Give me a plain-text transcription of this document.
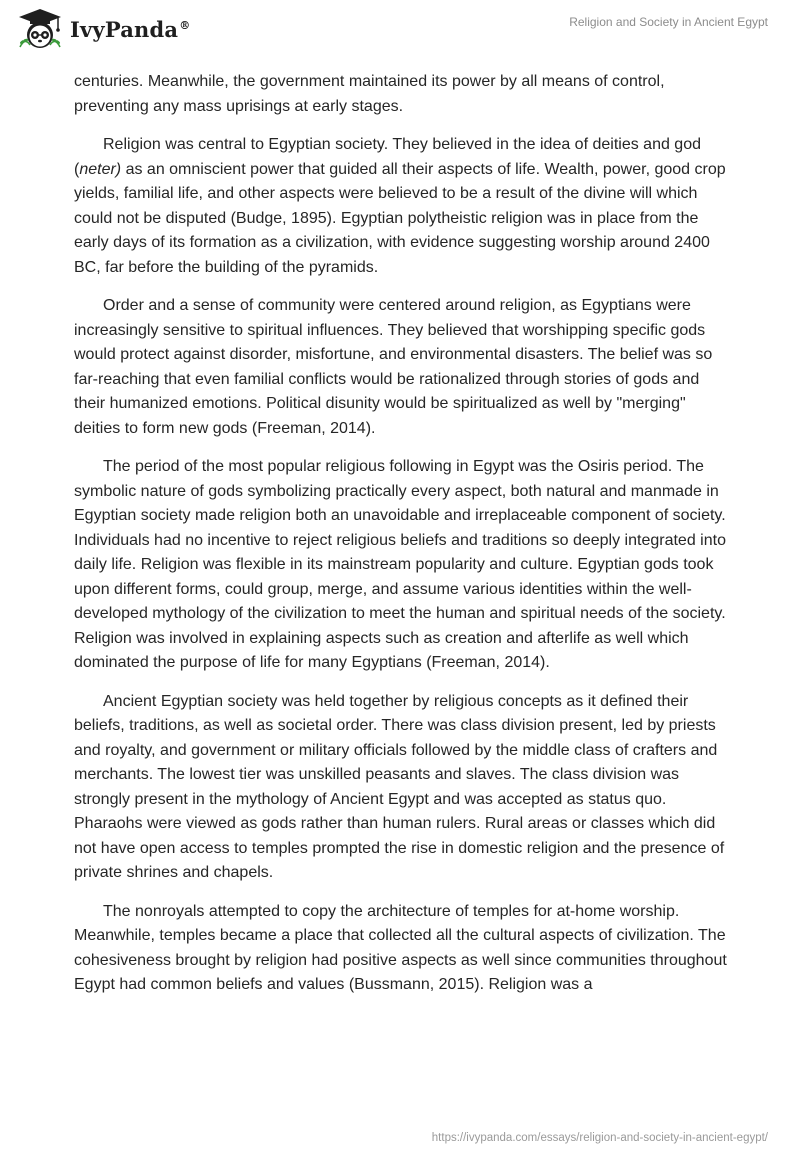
IvyPanda®	Religion and Society in Ancient Egypt

centuries. Meanwhile, the government maintained its power by all means of control, preventing any mass uprisings at early stages.

Religion was central to Egyptian society. They believed in the idea of deities and god (neter) as an omniscient power that guided all their aspects of life. Wealth, power, good crop yields, familial life, and other aspects were believed to be a result of the divine will which could not be disputed (Budge, 1895). Egyptian polytheistic religion was in place from the early days of its formation as a civilization, with evidence suggesting worship around 2400 BC, far before the building of the pyramids.

Order and a sense of community were centered around religion, as Egyptians were increasingly sensitive to spiritual influences. They believed that worshipping specific gods would protect against disorder, misfortune, and environmental disasters. The belief was so far-reaching that even familial conflicts would be rationalized through stories of gods and their humanized emotions. Political disunity would be spiritualized as well by "merging" deities to form new gods (Freeman, 2014).

The period of the most popular religious following in Egypt was the Osiris period. The symbolic nature of gods symbolizing practically every aspect, both natural and manmade in Egyptian society made religion both an unavoidable and irreplaceable component of society. Individuals had no incentive to reject religious beliefs and traditions so deeply integrated into daily life. Religion was flexible in its mainstream popularity and culture. Egyptian gods took upon different forms, could group, merge, and assume various identities within the well-developed mythology of the civilization to meet the human and spiritual needs of the society. Religion was involved in explaining aspects such as creation and afterlife as well which dominated the purpose of life for many Egyptians (Freeman, 2014).

Ancient Egyptian society was held together by religious concepts as it defined their beliefs, traditions, as well as societal order. There was class division present, led by priests and royalty, and government or military officials followed by the middle class of crafters and merchants. The lowest tier was unskilled peasants and slaves. The class division was strongly present in the mythology of Ancient Egypt and was accepted as status quo. Pharaohs were viewed as gods rather than human rulers. Rural areas or classes which did not have open access to temples prompted the rise in domestic religion and the presence of private shrines and chapels.

The nonroyals attempted to copy the architecture of temples for at-home worship. Meanwhile, temples became a place that collected all the cultural aspects of civilization. The cohesiveness brought by religion had positive aspects as well since communities throughout Egypt had common beliefs and values (Bussmann, 2015). Religion was a

https://ivypanda.com/essays/religion-and-society-in-ancient-egypt/
